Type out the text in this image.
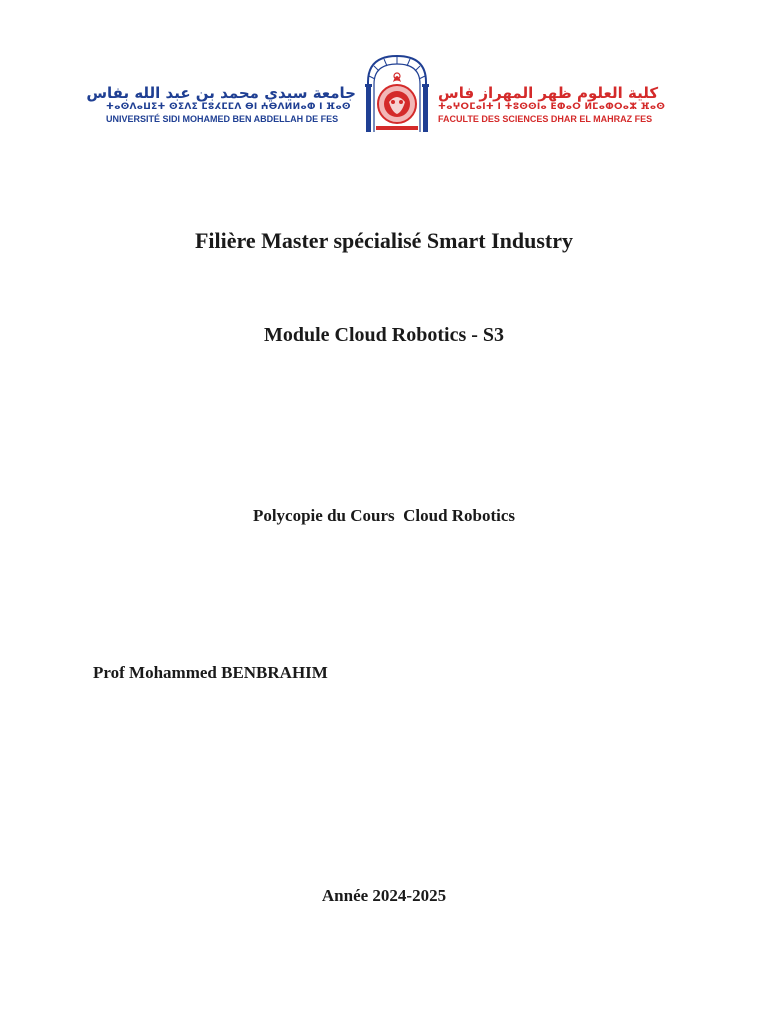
جامعة سيدي محمد بن عبد الله بفاس
ⵜⴰⵙⴷⴰⵡⵉⵜ ⵙⵉⴷⵉ ⵎⵓⵃⵎⵎⴷ ⴱⵏ ⵄⴱⴷⵍⵍⴰⵀ ⵏ ⴼⴰⵙ
UNIVERSITÉ SIDI MOHAMED BEN ABDELLAH DE FES
كلية العلوم ظهر المهراز فاس
ⵜⴰⵖⵔⵎⴰⵏⵜ ⵏ ⵜⵓⵙⵙⵏⴰ ⴹⵀⴰⵔ ⵍⵎⴰⵀⵔⴰⵣ ⴼⴰⵙ
FACULTE DES SCIENCES DHAR EL MAHRAZ FES
Filière Master spécialisé Smart Industry
Module Cloud Robotics - S3
Polycopie du Cours  Cloud Robotics
Prof Mohammed BENBRAHIM
Année 2024-2025
